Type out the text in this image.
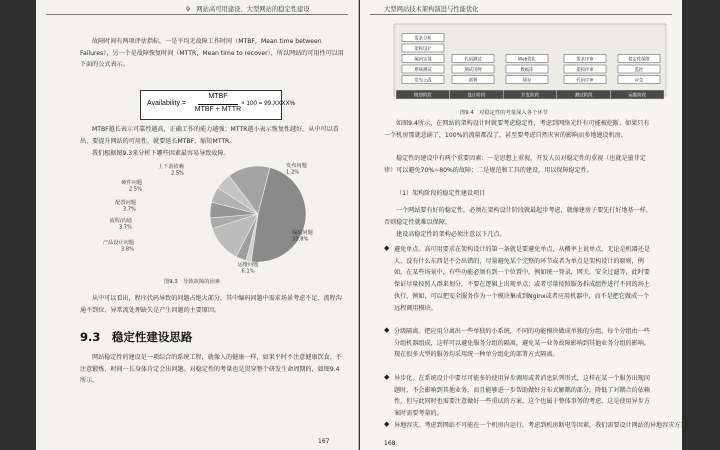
9　网站高可用建设、大型网站的稳定性建设
故障时间有两项评估指标，一是平均无故障工作时间（MTBF，Mean time between Failures），另一个是故障恢复时间（MTTR，Mean time to recover），所以网站的可用性可以用下面的公式表示。
Availability =
MTBF
MTBF + MTTR
× 100 = 99.XXXX%
MTBF越长表示可靠性越高，正确工作的能力越强；MTTR越小表示恢复性越好。从中可以看出，要提升网站的可用性，就要延长MTBF，缩短MTTR。
我们根据图9.3来分析下哪些因素最容易导致故障。
上下游依赖
2.5%
发布问题
1.2%
硬件问题
2.5%
配置问题
3.7%
流程/沟通
3.7%
产品设计问题
3.8%
编码问题
33.8%
运维问题
6.1%
图9.3　导致故障的因素
从中可以看出，程序代码导致的问题占绝大部分，其中编码问题中需求场景考虑不足、流程沟通不到位、异常流处理缺失是产生问题的主要原因。
9.3　稳定性建设思路
网站稳定性的建设是一项综合的系统工程，就像人的健康一样，如果平时不注意健康饮食、不注意锻炼，时间一长身体肯定会出问题。对稳定性的考量也是贯穿整个研发生命周期的，如图9.4所示。
167
大型网站技术架构演进与性能优化
需求分析
架构设计
编码实现
系统测试
发布上线
代码测试
测试用例
部署
Web优化
数据库
缓存
需求评审
架构评审
代码评审
稳定性保障
监控
应急
规划阶段	设计阶段	开发阶段	测试阶段	运维阶段
图9.4　对稳定性的考量深入各个环节
如图9.4所示，在网站的架构设计时就要考虑稳定性，考虑到网络光纤有可能被挖断，如果只有一个机房那就悲剧了，100%的流量都没了，甚至要考虑自然灾害的影响而多地建设机房。
稳定性的建设中有两个重要因素：一是思想上重视，开发人员对稳定性的重视（也就是墨菲定律）可以避免70%~80%的故障；二是规范和工具的建设，用以保障稳定性。
（1）架构阶段的稳定性建设项目
一个网站要有好的稳定性，必须在架构设计阶段就最起步考虑，就像建房子要先打好地基一样，否则稳定性就难以保障。
建设高稳定性的架构必须注意以下几点。
◆ 避免单点。高可用要求在架构设计的第一条就是要避免单点，从概率上说单点，无论是机器还是人，没有什么东西是不会出错的，尽量避免某个完整的环节或者为单点是架构设计的原则，例如，在某些场景中，有些功能必须有到一个位置中，例如统一登录，网关，安全过滤等，此时要保证尽量按照人群来划分，不要在逻辑上出现单点；或者尽量按照服务拆成组件进行不同的场上执行，例如，可以把安全服务作为一个模块集成到Nginx或者应用机器中，而不是把它做成一个远程调用模块。
◆ 分级隔离。把应用分离出一些单独的小系统，不同的功能模块做成单独的分组，每个分组由一些分组机器组成，这样可以避免服务分组的隔离，避免某一业务故障影响到其他业务分组的影响。现在很多大型的服务均采用统一种单分组化的部署方式隔离。
◆ 异步化。在系统设计中要尽可能多的使用异步调用或者消息队列形式，这样在某一个服务出现问题时，不会影响到其他业务，而且能够进一步帮助做好分布式解耦的部分，降低了对耦合的依赖性，但与此同时也需要注意做好一些重试的方案，这个也属于整体事务的考虑，这是使用异步方案时需要考量的。
◆ 异地容灾。考虑到网站不可能在一个机房内运行，考虑到机房断电等因素，我们需要设计网站的异地容灾方案。
168
